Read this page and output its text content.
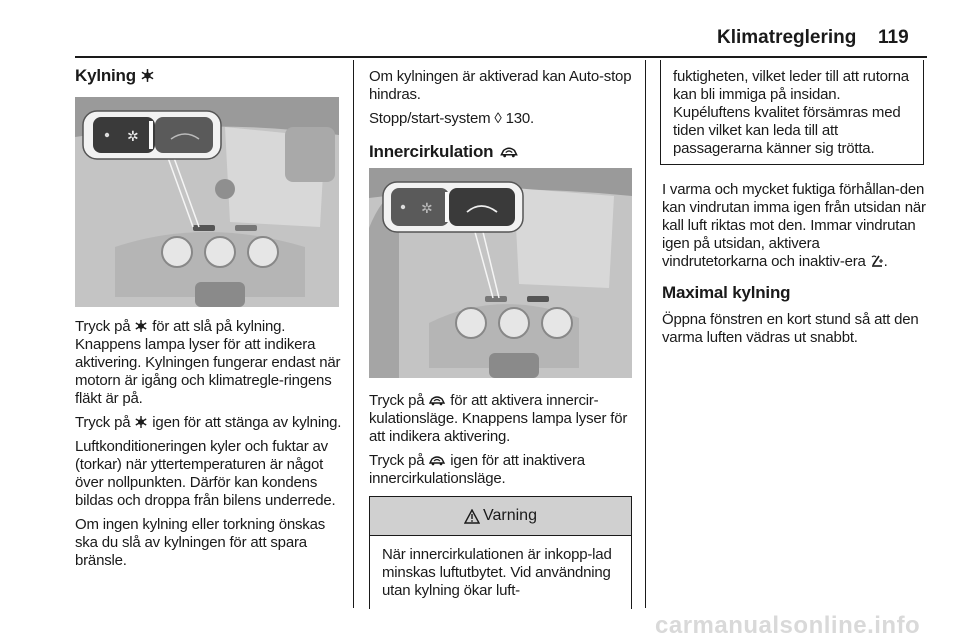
Klimatreglering 119
Kylning
✲

Tryck på för att slå på kylning. Knappens lampa lyser för att indikera aktivering. Kylningen fungerar endast när motorn är igång och klimatregle-ringens fläkt är på.

Tryck på igen för att stänga av kylning.

Luftkonditioneringen kyler och fuktar av (torkar) när yttertemperaturen är något över nollpunkten. Därför kan kondens bildas och droppa från bilens underrede.

Om ingen kylning eller torkning önskas ska du slå av kylningen för att spara bränsle.

Om kylningen är aktiverad kan Auto-stop hindras.

Stopp/start-system ◊ 130.

Innercirkulation
✲

Tryck på för att aktivera innercir-kulationsläge. Knappens lampa lyser för att indikera aktivering.

Tryck på igen för att inaktivera innercirkulationsläge.

Varning

När innercirkulationen är inkopp-lad minskas luftutbytet. Vid användning utan kylning ökar luft-

fuktigheten, vilket leder till att rutorna kan bli immiga på insidan. Kupéluftens kvalitet försämras med tiden vilket kan leda till att passagerarna känner sig trötta.

I varma och mycket fuktiga förhållan-den kan vindrutan imma igen från utsidan när kall luft riktas mot den. Immar vindrutan igen på utsidan, aktivera vindrutetorkarna och inaktiv-era .

Maximal kylning

Öppna fönstren en kort stund så att den varma luften vädras ut snabbt.

carmanualsonline.info
